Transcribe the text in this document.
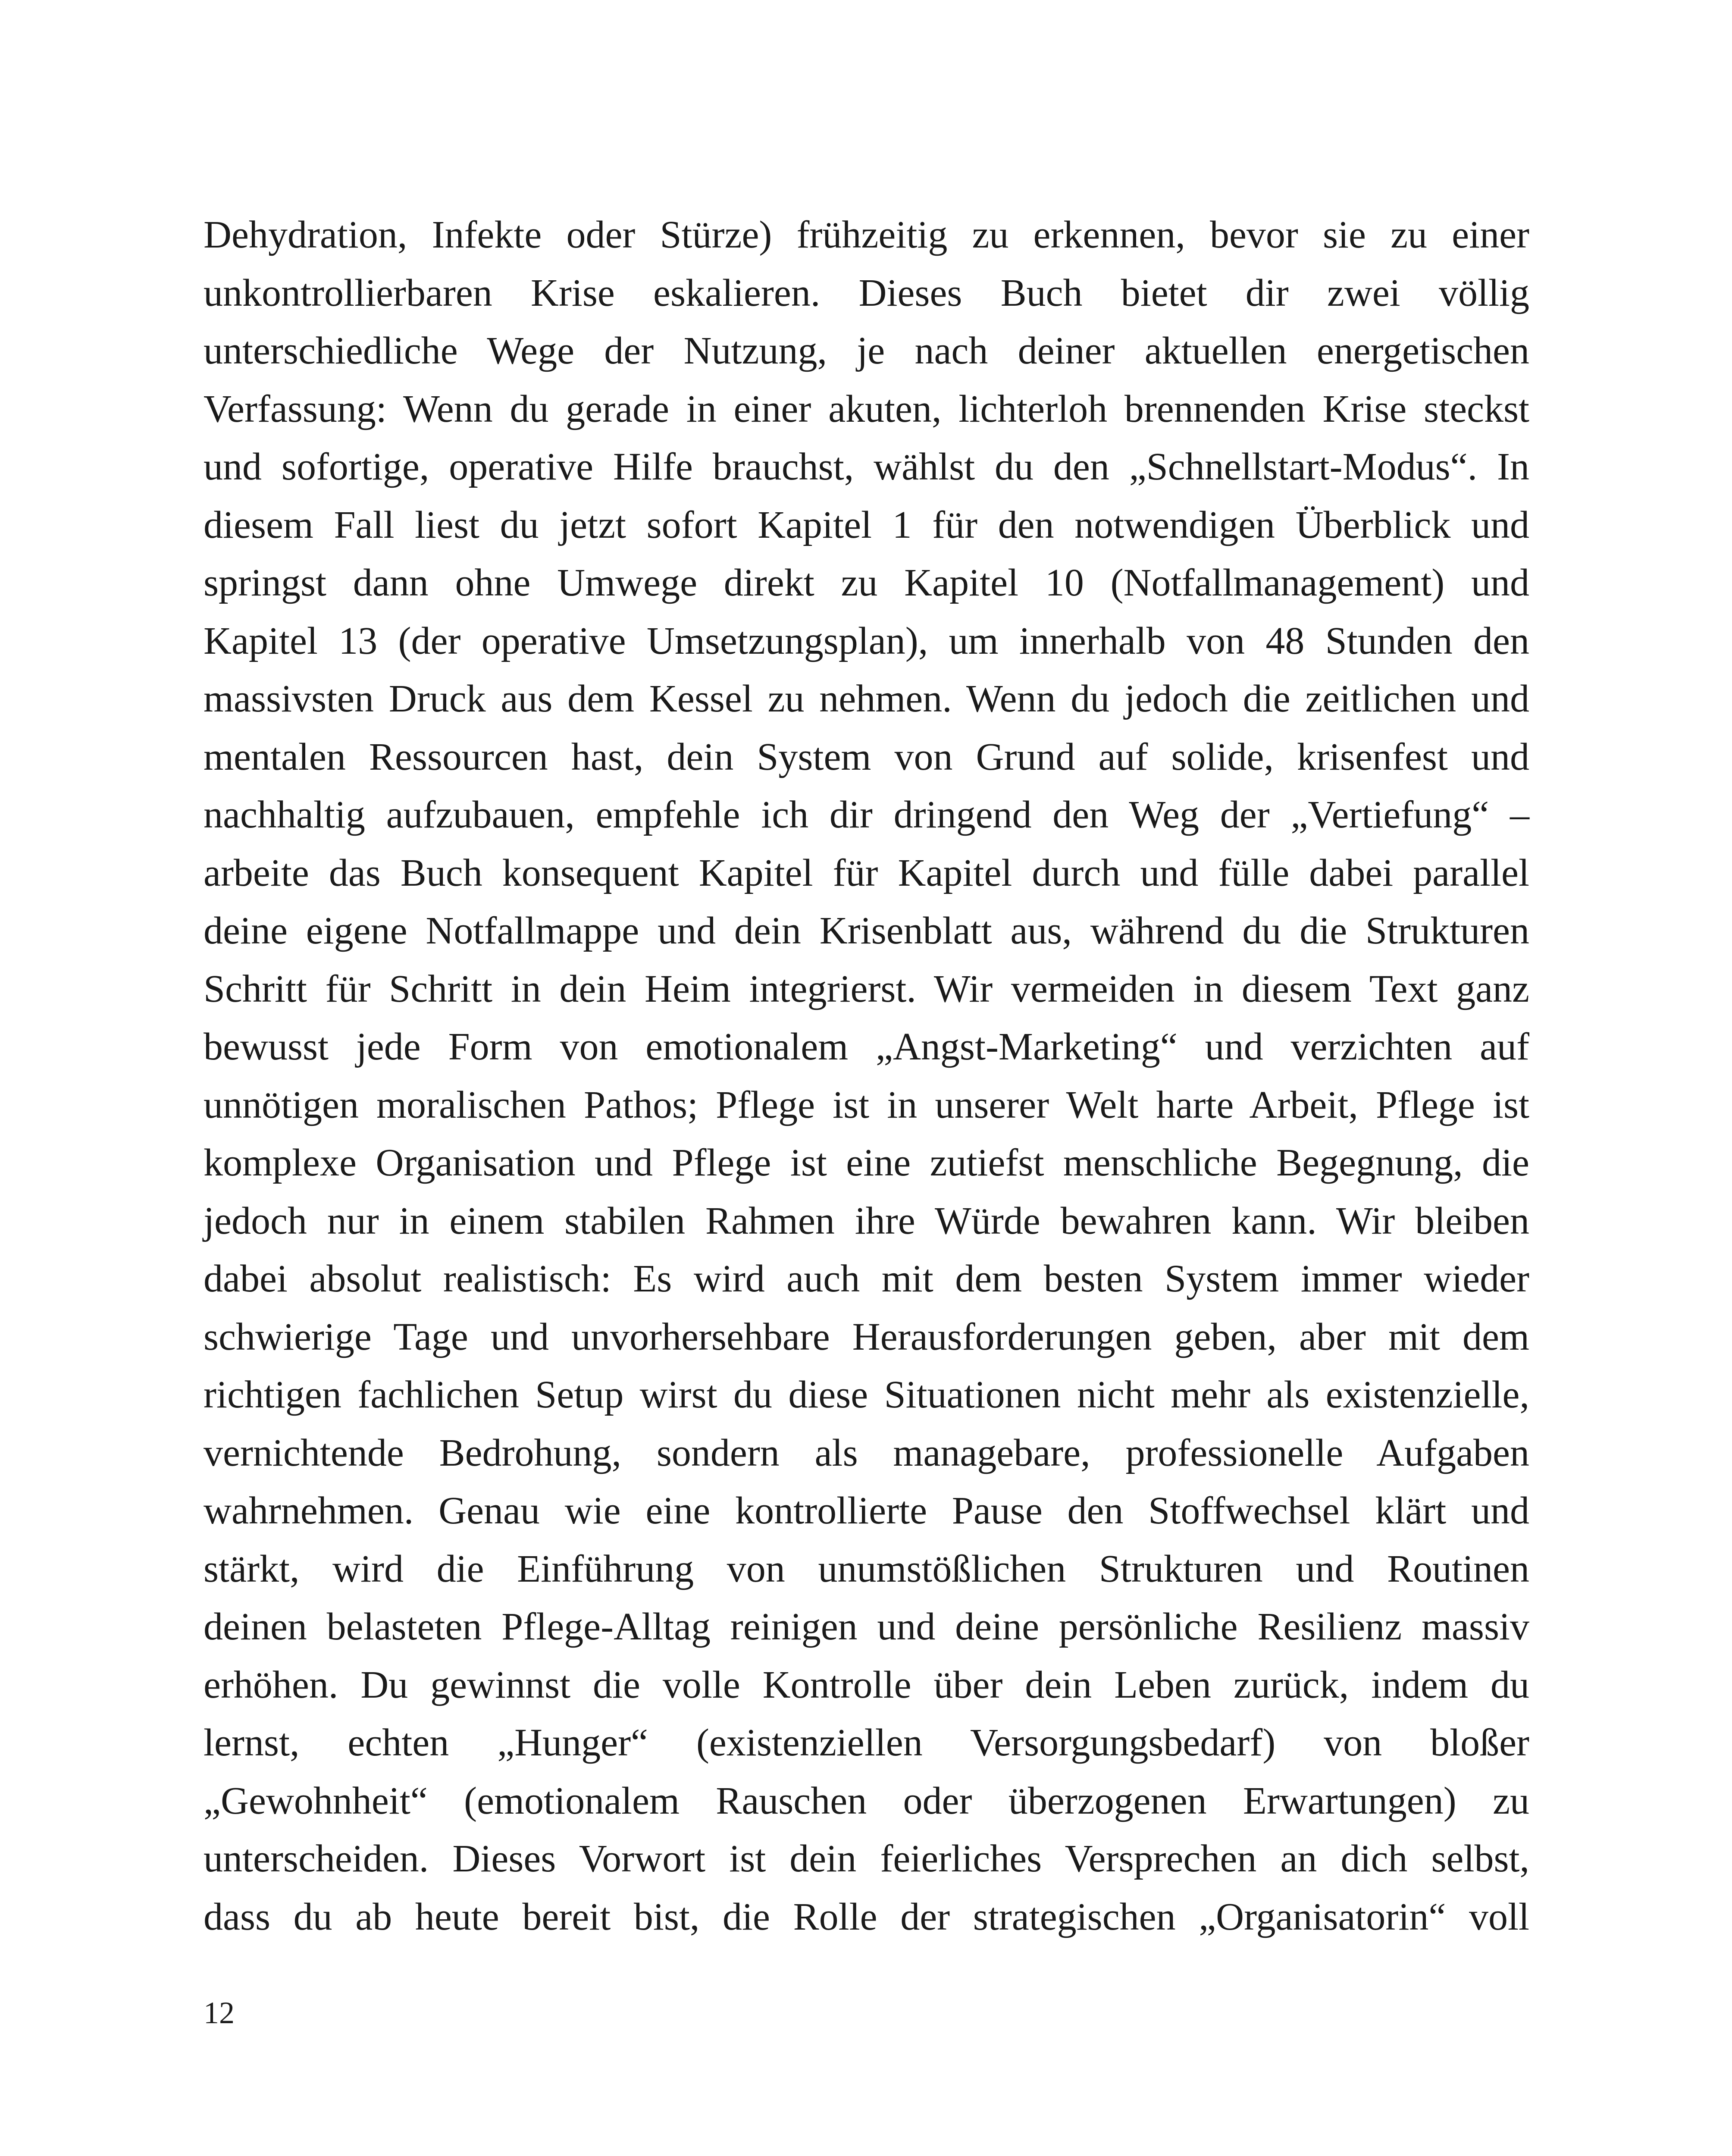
Dehydration, Infekte oder Stürze) frühzeitig zu erkennen, bevor sie zu einer
unkontrollierbaren Krise eskalieren. Dieses Buch bietet dir zwei völlig
unterschiedliche Wege der Nutzung, je nach deiner aktuellen energetischen
Verfassung: Wenn du gerade in einer akuten, lichterloh brennenden Krise steckst
und sofortige, operative Hilfe brauchst, wählst du den „Schnellstart-Modus“. In
diesem Fall liest du jetzt sofort Kapitel 1 für den notwendigen Überblick und
springst dann ohne Umwege direkt zu Kapitel 10 (Notfallmanagement) und
Kapitel 13 (der operative Umsetzungsplan), um innerhalb von 48 Stunden den
massivsten Druck aus dem Kessel zu nehmen. Wenn du jedoch die zeitlichen und
mentalen Ressourcen hast, dein System von Grund auf solide, krisenfest und
nachhaltig aufzubauen, empfehle ich dir dringend den Weg der „Vertiefung“ –
arbeite das Buch konsequent Kapitel für Kapitel durch und fülle dabei parallel
deine eigene Notfallmappe und dein Krisenblatt aus, während du die Strukturen
Schritt für Schritt in dein Heim integrierst. Wir vermeiden in diesem Text ganz
bewusst jede Form von emotionalem „Angst-Marketing“ und verzichten auf
unnötigen moralischen Pathos; Pflege ist in unserer Welt harte Arbeit, Pflege ist
komplexe Organisation und Pflege ist eine zutiefst menschliche Begegnung, die
jedoch nur in einem stabilen Rahmen ihre Würde bewahren kann. Wir bleiben
dabei absolut realistisch: Es wird auch mit dem besten System immer wieder
schwierige Tage und unvorhersehbare Herausforderungen geben, aber mit dem
richtigen fachlichen Setup wirst du diese Situationen nicht mehr als existenzielle,
vernichtende Bedrohung, sondern als managebare, professionelle Aufgaben
wahrnehmen. Genau wie eine kontrollierte Pause den Stoffwechsel klärt und
stärkt, wird die Einführung von unumstößlichen Strukturen und Routinen
deinen belasteten Pflege-Alltag reinigen und deine persönliche Resilienz massiv
erhöhen. Du gewinnst die volle Kontrolle über dein Leben zurück, indem du
lernst, echten „Hunger“ (existenziellen Versorgungsbedarf) von bloßer
„Gewohnheit“ (emotionalem Rauschen oder überzogenen Erwartungen) zu
unterscheiden. Dieses Vorwort ist dein feierliches Versprechen an dich selbst,
dass du ab heute bereit bist, die Rolle der strategischen „Organisatorin“ voll
12
